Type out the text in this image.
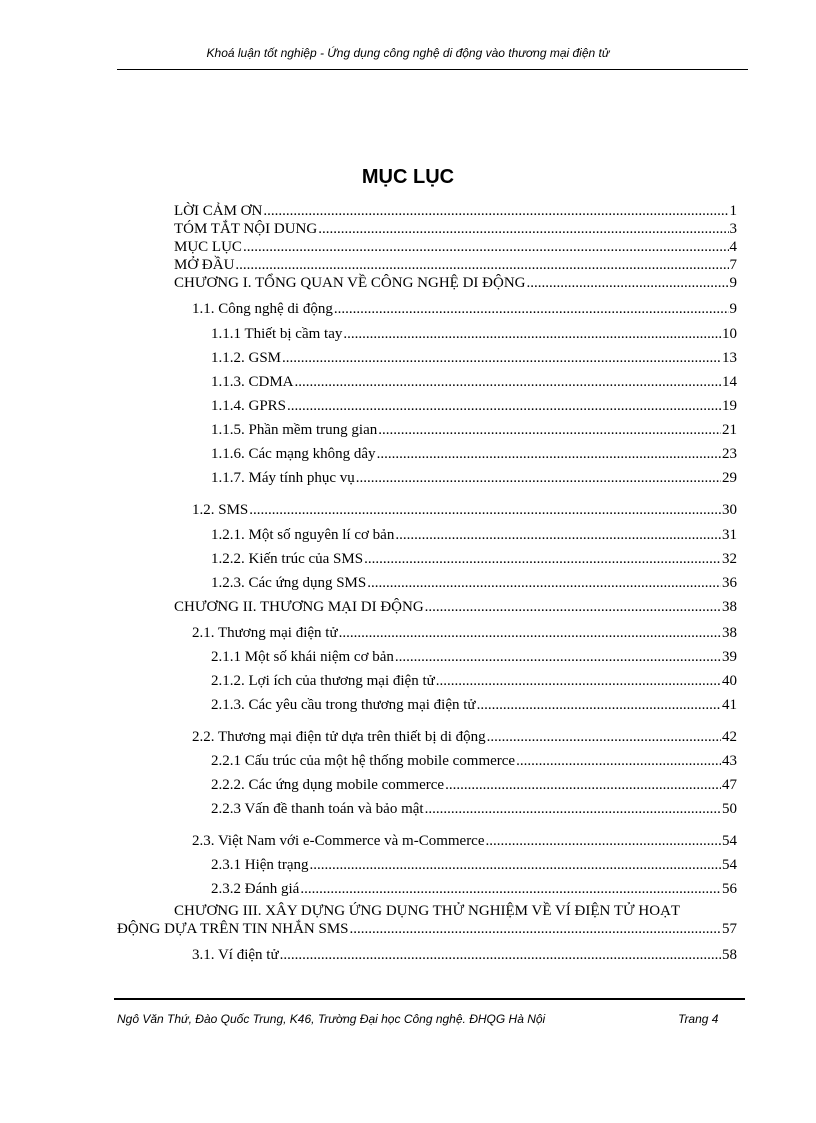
Khoá luận tốt nghiệp - Ứng dụng công nghệ di động vào thương mại điện tử
MỤC LỤC
LỜI CẢM ƠN .....	1
TÓM TẮT NỘI DUNG .....	3
MỤC LỤC .....	4
MỞ ĐẦU .....	7
CHƯƠNG I. TỔNG QUAN VỀ CÔNG NGHỆ DI ĐỘNG .....	9
1.1. Công nghệ di động .....	9
1.1.1 Thiết bị cầm tay .....	10
1.1.2. GSM .....	13
1.1.3. CDMA .....	14
1.1.4. GPRS .....	19
1.1.5. Phần mềm trung gian .....	21
1.1.6. Các mạng không dây .....	23
1.1.7. Máy tính phục vụ .....	29
1.2. SMS .....	30
1.2.1. Một số nguyên lí cơ bản .....	31
1.2.2. Kiến trúc của SMS .....	32
1.2.3. Các ứng dụng SMS .....	36
CHƯƠNG II. THƯƠNG MẠI DI ĐỘNG .....	38
2.1. Thương mại điện tử .....	38
2.1.1 Một số khái niệm cơ bản .....	39
2.1.2. Lợi ích của thương mại điện tử .....	40
2.1.3. Các yêu cầu trong thương mại điện tử .....	41
2.2. Thương mại điện tử dựa trên thiết bị di động .....	42
2.2.1 Cấu trúc của một hệ thống mobile commerce .....	43
2.2.2. Các ứng dụng mobile commerce .....	47
2.2.3 Vấn đề thanh toán và bảo mật .....	50
2.3. Việt Nam với e-Commerce và m-Commerce .....	54
2.3.1 Hiện trạng .....	54
2.3.2 Đánh giá .....	56
CHƯƠNG III. XÂY DỰNG ỨNG DỤNG THỬ NGHIỆM VỀ VÍ ĐIỆN TỬ HOẠT
ĐỘNG DỰA TRÊN TIN NHẮN SMS .....	57
3.1. Ví điện tử .....	58
Ngô Văn Thứ, Đào Quốc Trung, K46, Trường Đại học Công nghệ. ĐHQG Hà Nội	Trang 4
